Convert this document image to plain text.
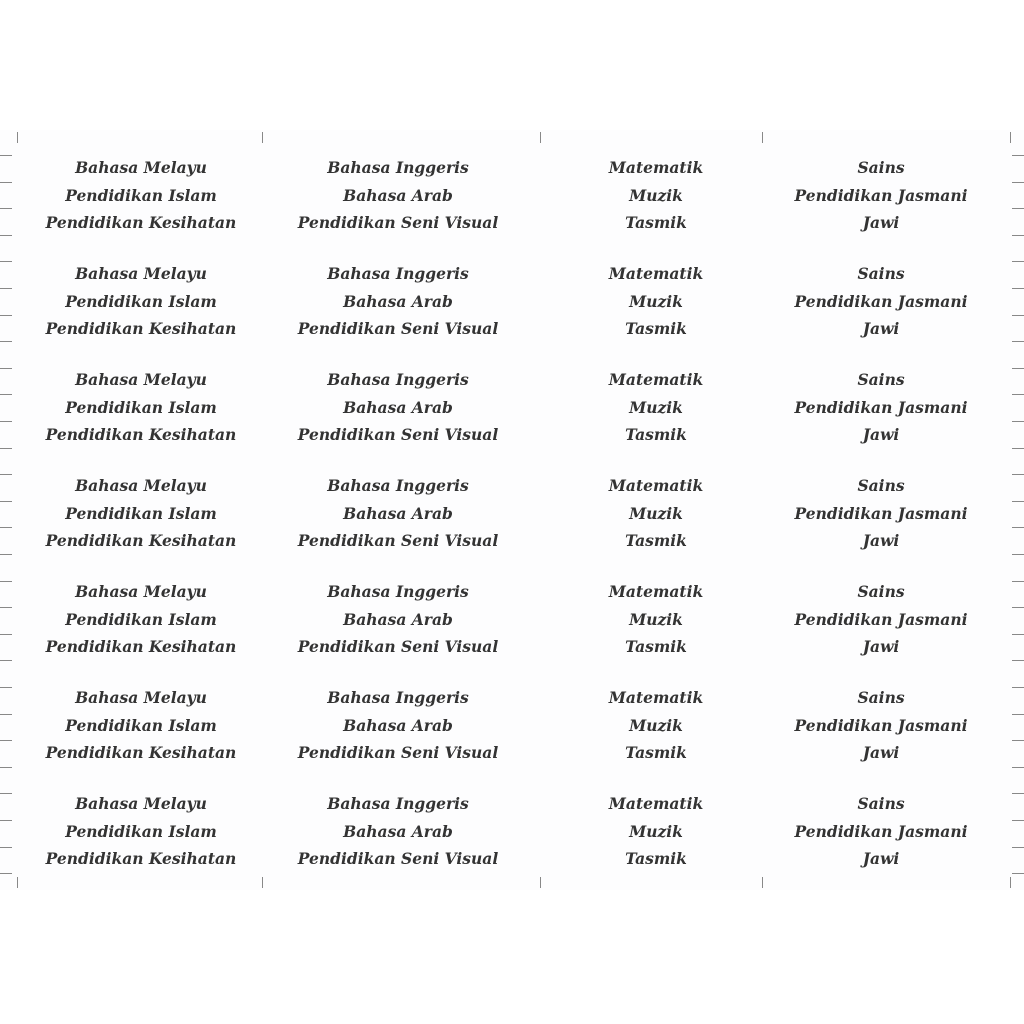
Bahasa Melayu
Pendidikan Islam
Pendidikan Kesihatan
Bahasa Melayu
Pendidikan Islam
Pendidikan Kesihatan
Bahasa Melayu
Pendidikan Islam
Pendidikan Kesihatan
Bahasa Melayu
Pendidikan Islam
Pendidikan Kesihatan
Bahasa Melayu
Pendidikan Islam
Pendidikan Kesihatan
Bahasa Melayu
Pendidikan Islam
Pendidikan Kesihatan
Bahasa Melayu
Pendidikan Islam
Pendidikan Kesihatan
Bahasa Inggeris
Bahasa Arab
Pendidikan Seni Visual
Bahasa Inggeris
Bahasa Arab
Pendidikan Seni Visual
Bahasa Inggeris
Bahasa Arab
Pendidikan Seni Visual
Bahasa Inggeris
Bahasa Arab
Pendidikan Seni Visual
Bahasa Inggeris
Bahasa Arab
Pendidikan Seni Visual
Bahasa Inggeris
Bahasa Arab
Pendidikan Seni Visual
Bahasa Inggeris
Bahasa Arab
Pendidikan Seni Visual
Matematik
Muzik
Tasmik
Matematik
Muzik
Tasmik
Matematik
Muzik
Tasmik
Matematik
Muzik
Tasmik
Matematik
Muzik
Tasmik
Matematik
Muzik
Tasmik
Matematik
Muzik
Tasmik
Sains
Pendidikan Jasmani
Jawi
Sains
Pendidikan Jasmani
Jawi
Sains
Pendidikan Jasmani
Jawi
Sains
Pendidikan Jasmani
Jawi
Sains
Pendidikan Jasmani
Jawi
Sains
Pendidikan Jasmani
Jawi
Sains
Pendidikan Jasmani
Jawi
